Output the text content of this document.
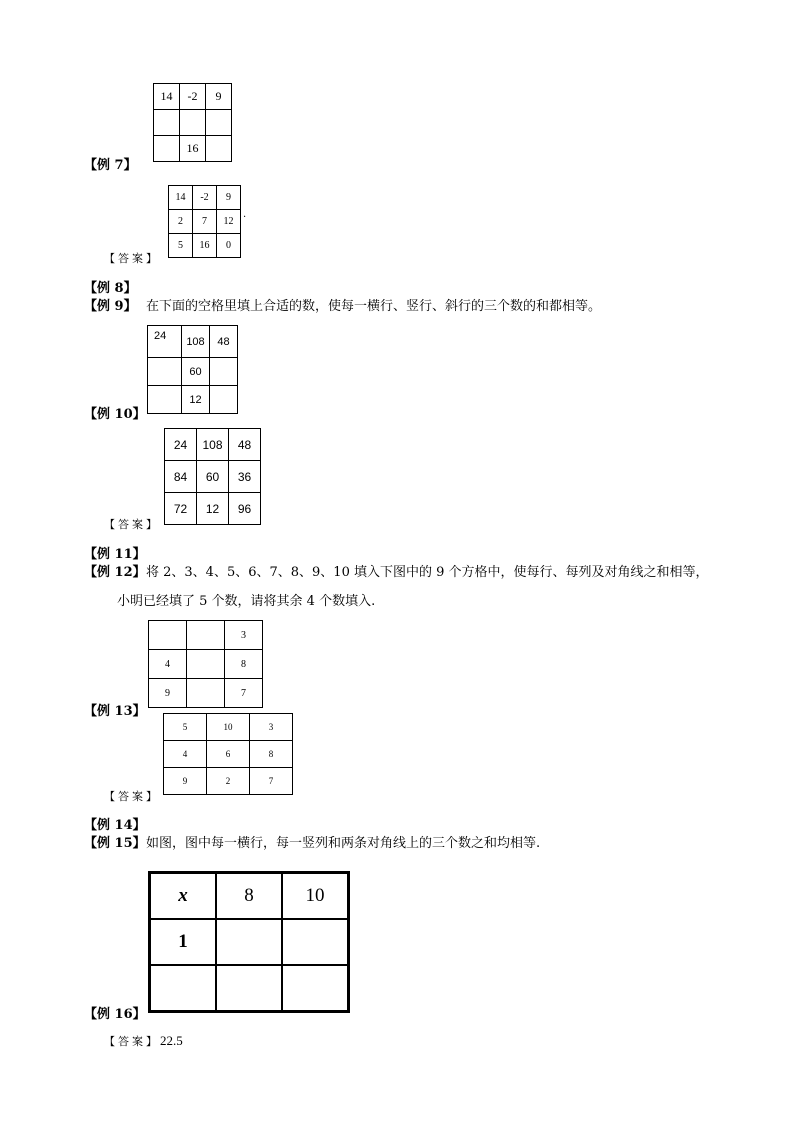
14	-2	9

	16	
【例 7】
14	-2	9
2	7	12
5	16	0
.
【答案】
【例 8】
【例 9】 在下面的空格里填上合适的数，使每一横行、竖行、斜行的三个数的和都相等。
24	108	48
	60	
	12	
【例 10】
24	108	48
84	60	36
72	12	96
【答案】
【例 11】
【例 12】 将 2、3、4、5、6、7、8、9、10 填入下图中的 9 个方格中，使每行、每列及对角线之和相等，
小明已经填了 5 个数，请将其余 4 个数填入.
		3
4		8
9		7
【例 13】
5	10	3
4	6	8
9	2	7
【答案】
【例 14】
【例 15】 如图，图中每一横行，每一竖列和两条对角线上的三个数之和均相等.
x	8	10
1		

【例 16】
【答案】22.5
